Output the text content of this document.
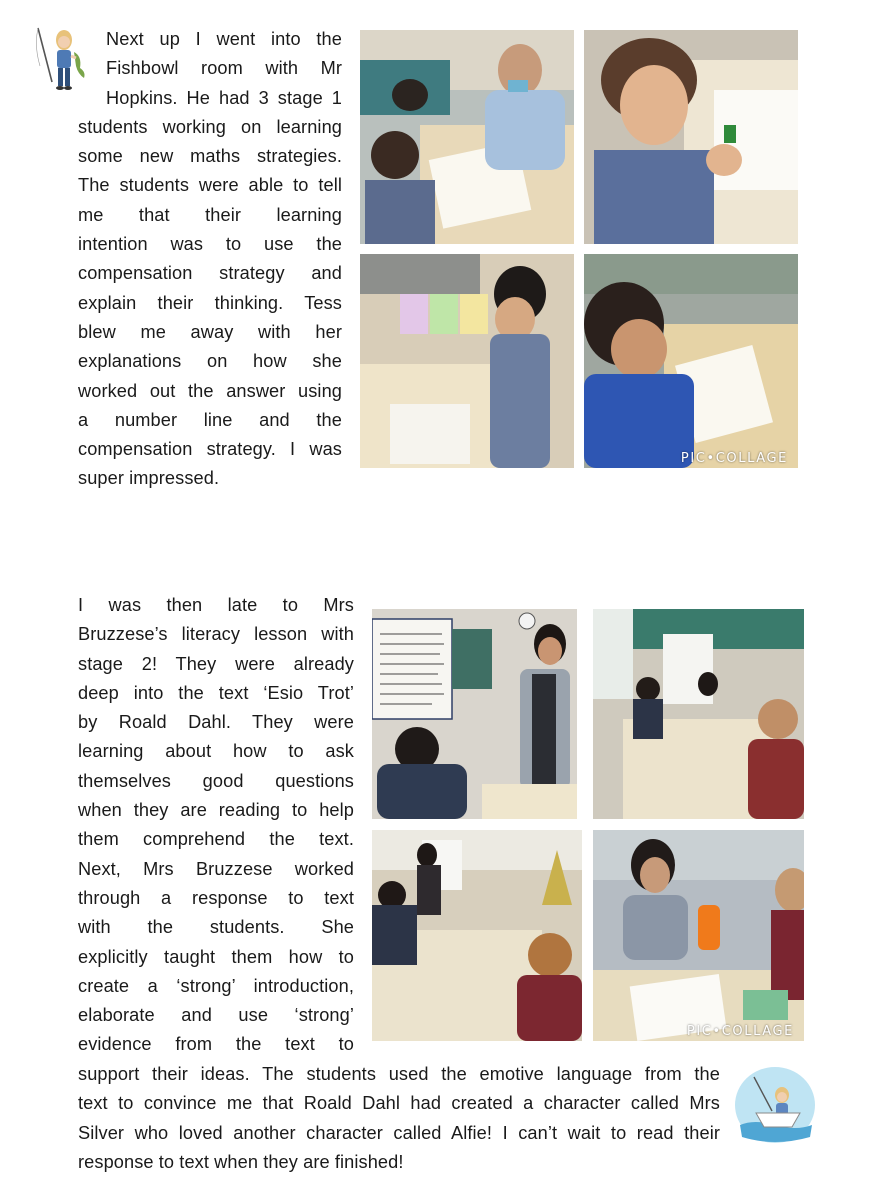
Next up I went into the
Fishbowl room with Mr
Hopkins. He had 3 stage 1
students working on learning
some new maths strategies.
The students were able to tell
me that their learning
intention was to use the
compensation strategy and
explain their thinking. Tess
blew me away with her
explanations on how she
worked out the answer using
a number line and the
compensation strategy. I was
super impressed.
PIC•COLLAGE
I was then late to Mrs
Bruzzese’s literacy lesson with
stage 2! They were already
deep into the text ‘Esio Trot’
by Roald Dahl. They were
learning about how to ask
themselves good questions
when they are reading to help
them comprehend the text.
Next, Mrs Bruzzese worked
through a response to text
with the students. She
explicitly taught them how to
create a ‘strong’ introduction,
elaborate and use ‘strong’
evidence from the text to
support their ideas. The students used the emotive language from the
text to convince me that Roald Dahl had created a character called Mrs
Silver who loved another character called Alfie! I can’t wait to read their
response to text when they are finished!
PIC•COLLAGE
